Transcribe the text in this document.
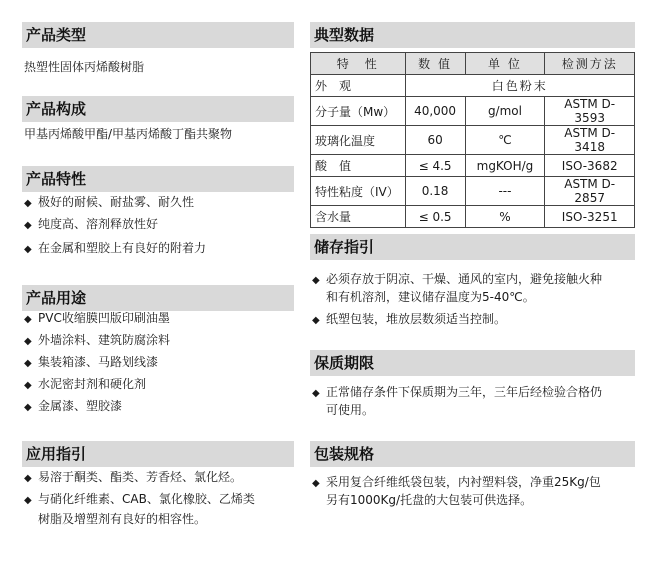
产品类型
热塑性固体丙烯酸树脂
产品构成
甲基丙烯酸甲酯/甲基丙烯酸丁酯共聚物
产品特性
◆ 极好的耐候、耐盐雾、耐久性
◆ 纯度高、溶剂释放性好
◆ 在金属和塑胶上有良好的附着力
产品用途
◆ PVC收缩膜凹版印刷油墨
◆ 外墙涂料、建筑防腐涂料
◆ 集装箱漆、马路划线漆
◆ 水泥密封剂和硬化剂
◆ 金属漆、塑胶漆
应用指引
◆ 易溶于酮类、酯类、芳香烃、氯化烃。
◆ 与硝化纤维素、CAB、氯化橡胶、乙烯类
树脂及增塑剂有良好的相容性。
典型数据
特　性	数 值	单 位	检测方法
外　观	白色粉末		
分子量（Mw）	40,000	g/mol	ASTM D-3593
玻璃化温度	60	℃	ASTM D-3418
酸　值	≤ 4.5	mgKOH/g	ISO-3682
特性粘度（IV）	0.18	---	ASTM D-2857
含水量	≤ 0.5	%	ISO-3251
储存指引
◆ 必须存放于阴凉、干燥、通风的室内，避免接触火种
和有机溶剂，建议储存温度为5-40℃。
◆ 纸塑包装，堆放层数须适当控制。
保质期限
◆ 正常储存条件下保质期为三年，三年后经检验合格仍
可使用。
包装规格
◆ 采用复合纤维纸袋包装，内衬塑料袋，净重25Kg/包
另有1000Kg/托盘的大包装可供选择。
